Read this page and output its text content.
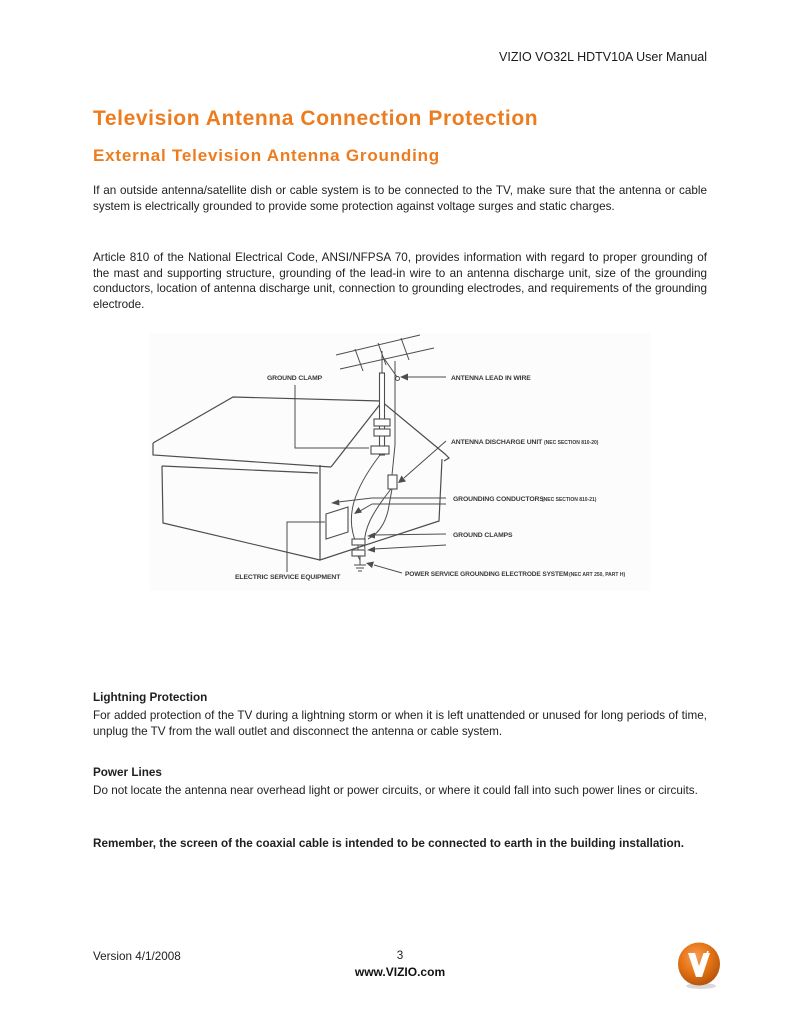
VIZIO VO32L HDTV10A User Manual
Television Antenna Connection Protection
External Television Antenna Grounding
If an outside antenna/satellite dish or cable system is to be connected to the TV, make sure that the antenna or cable system is electrically grounded to provide some protection against voltage surges and static charges.
Article 810 of the National Electrical Code, ANSI/NFPSA 70, provides information with regard to proper grounding of the mast and supporting structure, grounding of the lead-in wire to an antenna discharge unit, size of the grounding conductors, location of antenna discharge unit, connection to grounding electrodes, and requirements of the grounding electrode.
GROUND CLAMP	ANTENNA LEAD IN WIRE
ANTENNA DISCHARGE UNIT (NEC SECTION 810-20)
GROUNDING CONDUCTORS
(NEC SECTION 810-21)
GROUND CLAMPS
ELECTRIC SERVICE EQUIPMENT	POWER SERVICE GROUNDING ELECTRODE SYSTEM (NEC ART 250, PART H)
Lightning Protection
For added protection of the TV during a lightning storm or when it is left unattended or unused for long periods of time, unplug the TV from the wall outlet and disconnect the antenna or cable system.
Power Lines
Do not locate the antenna near overhead light or power circuits, or where it could fall into such power lines or circuits.
Remember, the screen of the coaxial cable is intended to be connected to earth in the building installation.
Version 4/1/2008	3
www.VIZIO.com
